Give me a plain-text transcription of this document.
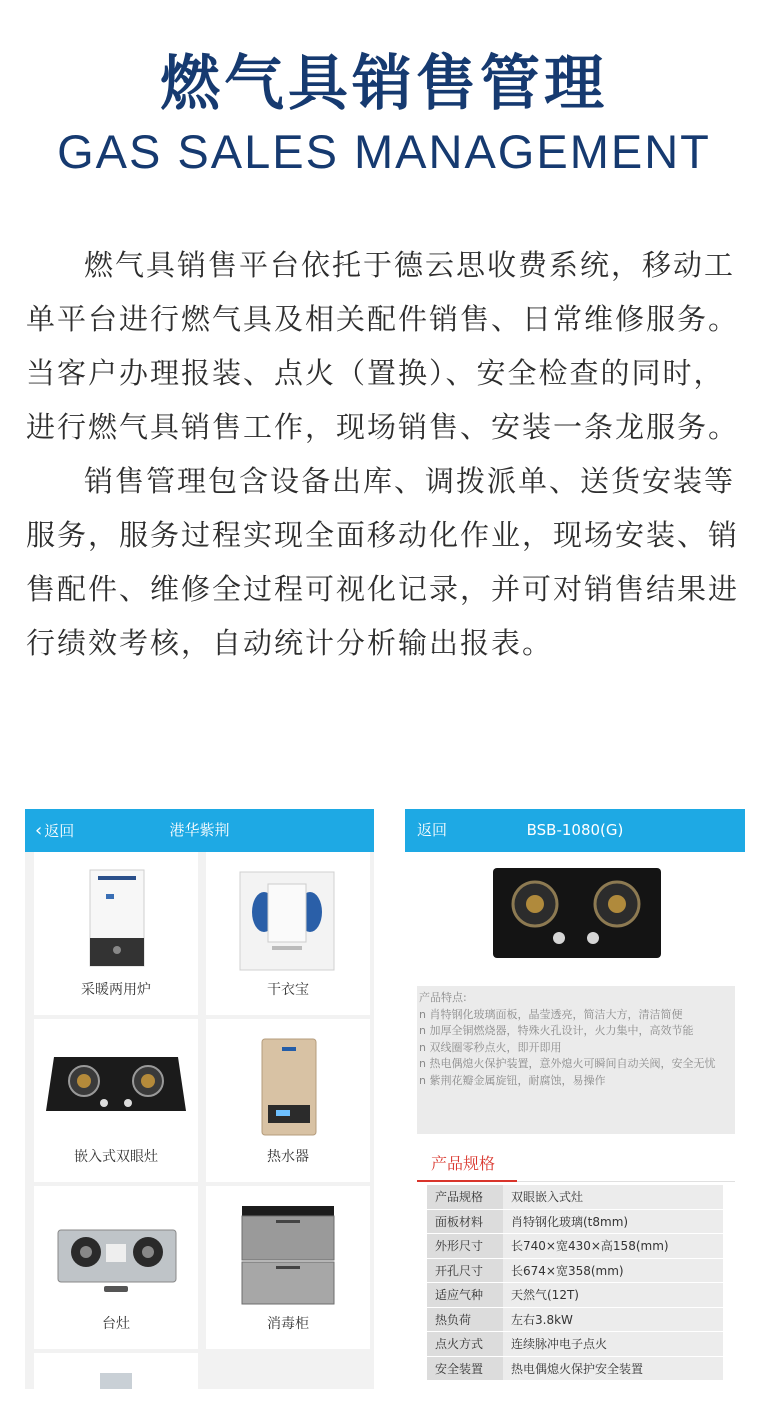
燃气具销售管理
GAS SALES MANAGEMENT

燃气具销售平台依托于德云思收费系统，移动工单平台进行燃气具及相关配件销售、日常维修服务。当客户办理报装、点火（置换）、安全检查的同时，进行燃气具销售工作，现场销售、安装一条龙服务。

销售管理包含设备出库、调拨派单、送货安装等服务，服务过程实现全面移动化作业，现场安装、销售配件、维修全过程可视化记录，并可对销售结果进行绩效考核，自动统计分析输出报表。

‹ 返回	港华紫荆
采暖两用炉	干衣宝
嵌入式双眼灶	热水器
台灶	消毒柜
返回	BSB-1080(G)
产品特点:
n 肖特钢化玻璃面板，晶莹透亮，简洁大方，清洁简便
n 加厚全铜燃烧器，特殊火孔设计，火力集中，高效节能
n 双线圈零秒点火，即开即用
n 热电偶熄火保护装置，意外熄火可瞬间自动关阀，安全无忧
n 紫荆花瓣金属旋钮，耐腐蚀，易操作
产品规格
产品规格	双眼嵌入式灶
面板材料	肖特钢化玻璃(t8mm)
外形尺寸	长740×宽430×高158(mm)
开孔尺寸	长674×宽358(mm)
适应气种	天然气(12T)
热负荷	左右3.8kW
点火方式	连续脉冲电子点火
安全装置	热电偶熄火保护安全装置
